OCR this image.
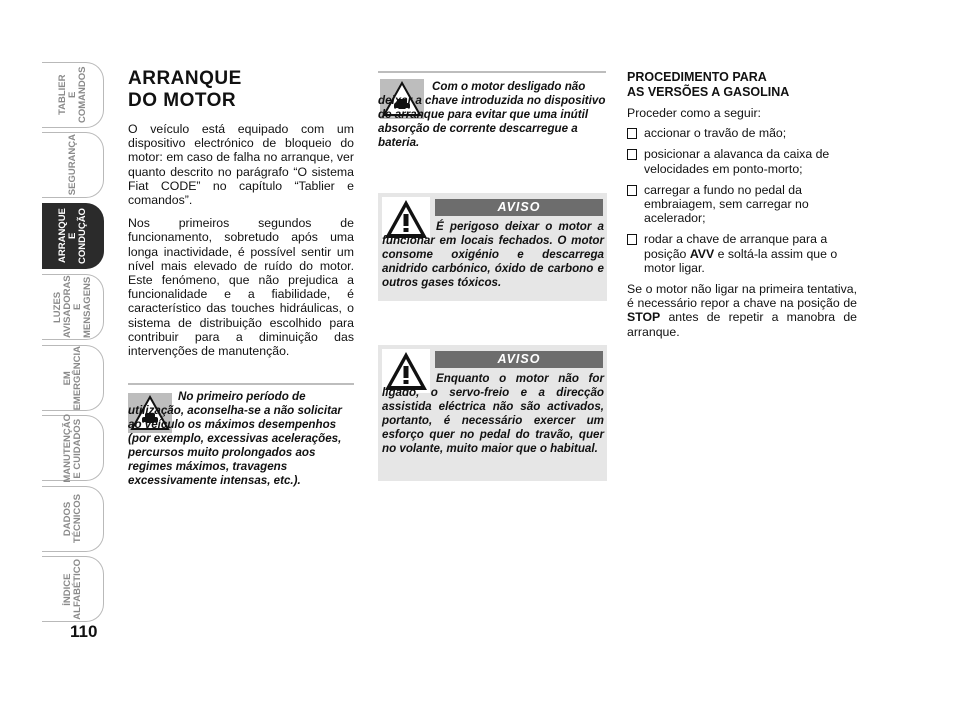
TABLIER
E COMANDOS
SEGURANÇA
ARRANQUE
E CONDUÇÃO
LUZES
AVISADORAS
E MENSAGENS
EM
EMERGÊNCIA
MANUTENÇÃO
E CUIDADOS
DADOS
TÉCNICOS
ÍNDICE
ALFABÉTICO
110
ARRANQUE
DO MOTOR

O veículo está equipado com um dispositivo electrónico de bloqueio do motor: em caso de falha no arranque, ver quanto descrito no parágrafo “O sistema Fiat CODE” no capítulo “Tablier e comandos”.

Nos primeiros segundos de funcionamento, sobretudo após uma longa inactividade, é possível sentir um nível mais elevado de ruído do motor. Este fenómeno, que não prejudica a funcionalidade e a fiabilidade, é característico das touches hidráulicas, o sistema de distribuição escolhido para contribuir para a diminuição das intervenções de manutenção.

No primeiro período de utilização, aconselha-se a não solicitar ao veículo os máximos desempenhos (por exemplo, excessivas acelerações, percursos muito prolongados aos regimes máximos, travagens excessivamente intensas, etc.).
Com o motor desligado não deixar a chave introduzida no dispositivo de arranque para evitar que uma inútil absorção de corrente descarregue a bateria.
AVISO
É perigoso deixar o motor a funcionar em locais fechados. O motor consome oxigénio e descarrega anidrido carbónico, óxido de carbono e outros gases tóxicos.
AVISO
Enquanto o motor não for ligado, o servo-freio e a direcção assistida eléctrica não são activados, portanto, é necessário exercer um esforço quer no pedal do travão, quer no volante, muito maior que o habitual.
PROCEDIMENTO PARA
AS VERSÕES A GASOLINA

Proceder como a seguir:

accionar o travão de mão;
posicionar a alavanca da caixa de velocidades em ponto-morto;
carregar a fundo no pedal da embraiagem, sem carregar no acelerador;
rodar a chave de arranque para a posição AVV e soltá-la assim que o motor ligar.

Se o motor não ligar na primeira tentativa, é necessário repor a chave na posição de STOP antes de repetir a manobra de arranque.
